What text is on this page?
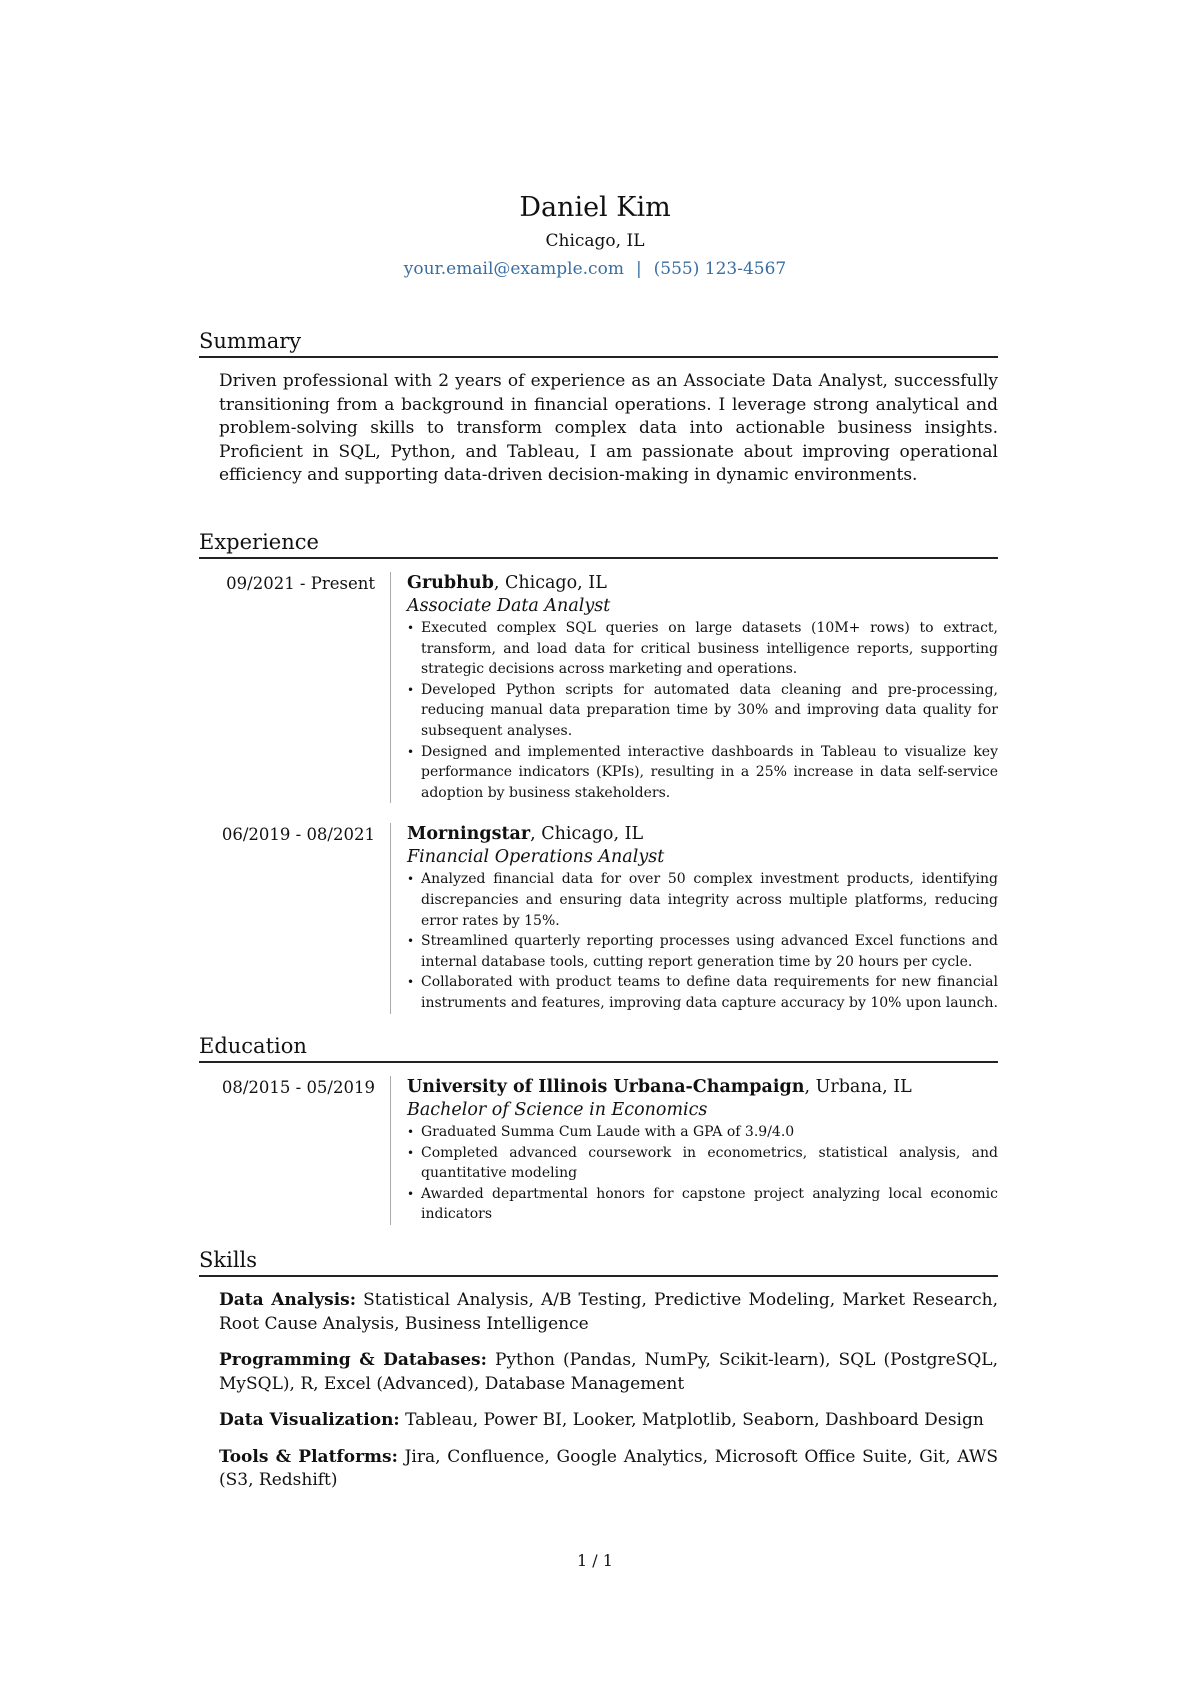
Daniel Kim
Chicago, IL
your.email@example.com | (555) 123-4567
Summary
Driven professional with 2 years of experience as an Associate Data Analyst, successfully transitioning from a background in financial operations. I leverage strong analytical and problem-solving skills to transform complex data into actionable business insights. Proficient in SQL, Python, and Tableau, I am passionate about improving operational efficiency and supporting data-driven decision-making in dynamic environments.
Experience
09/2021 - Present	Grubhub, Chicago, IL
Associate Data Analyst
• Executed complex SQL queries on large datasets (10M+ rows) to extract, transform, and load data for critical business intelligence reports, supporting strategic decisions across marketing and operations.
• Developed Python scripts for automated data cleaning and pre-processing, reducing manual data preparation time by 30% and improving data quality for subsequent analyses.
• Designed and implemented interactive dashboards in Tableau to visualize key performance indicators (KPIs), resulting in a 25% increase in data self-service adoption by business stakeholders.
06/2019 - 08/2021	Morningstar, Chicago, IL
Financial Operations Analyst
• Analyzed financial data for over 50 complex investment products, identifying discrepancies and ensuring data integrity across multiple platforms, reducing error rates by 15%.
• Streamlined quarterly reporting processes using advanced Excel functions and internal database tools, cutting report generation time by 20 hours per cycle.
• Collaborated with product teams to define data requirements for new financial instruments and features, improving data capture accuracy by 10% upon launch.
Education
08/2015 - 05/2019	University of Illinois Urbana-Champaign, Urbana, IL
Bachelor of Science in Economics
• Graduated Summa Cum Laude with a GPA of 3.9/4.0
• Completed advanced coursework in econometrics, statistical analysis, and quantitative modeling
• Awarded departmental honors for capstone project analyzing local economic indicators
Skills
Data Analysis: Statistical Analysis, A/B Testing, Predictive Modeling, Market Research, Root Cause Analysis, Business Intelligence
Programming & Databases: Python (Pandas, NumPy, Scikit-learn), SQL (PostgreSQL, MySQL), R, Excel (Advanced), Database Management
Data Visualization: Tableau, Power BI, Looker, Matplotlib, Seaborn, Dashboard Design
Tools & Platforms: Jira, Confluence, Google Analytics, Microsoft Office Suite, Git, AWS (S3, Redshift)
1 / 1
